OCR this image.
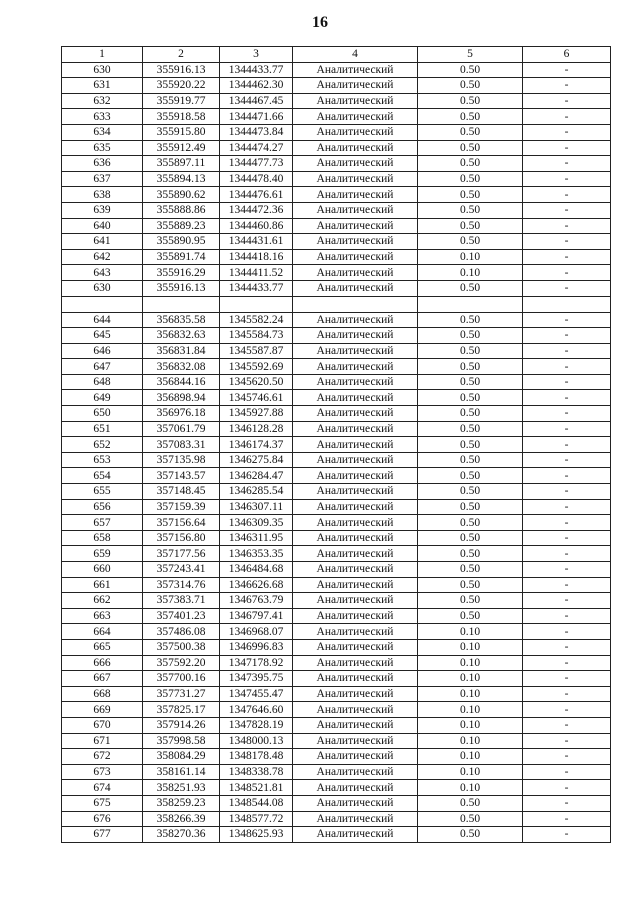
16
1	2	3	4	5	6
630	355916.13	1344433.77	Аналитический	0.50	-
631	355920.22	1344462.30	Аналитический	0.50	-
632	355919.77	1344467.45	Аналитический	0.50	-
633	355918.58	1344471.66	Аналитический	0.50	-
634	355915.80	1344473.84	Аналитический	0.50	-
635	355912.49	1344474.27	Аналитический	0.50	-
636	355897.11	1344477.73	Аналитический	0.50	-
637	355894.13	1344478.40	Аналитический	0.50	-
638	355890.62	1344476.61	Аналитический	0.50	-
639	355888.86	1344472.36	Аналитический	0.50	-
640	355889.23	1344460.86	Аналитический	0.50	-
641	355890.95	1344431.61	Аналитический	0.50	-
642	355891.74	1344418.16	Аналитический	0.10	-
643	355916.29	1344411.52	Аналитический	0.10	-
630	355916.13	1344433.77	Аналитический	0.50	-

644	356835.58	1345582.24	Аналитический	0.50	-
645	356832.63	1345584.73	Аналитический	0.50	-
646	356831.84	1345587.87	Аналитический	0.50	-
647	356832.08	1345592.69	Аналитический	0.50	-
648	356844.16	1345620.50	Аналитический	0.50	-
649	356898.94	1345746.61	Аналитический	0.50	-
650	356976.18	1345927.88	Аналитический	0.50	-
651	357061.79	1346128.28	Аналитический	0.50	-
652	357083.31	1346174.37	Аналитический	0.50	-
653	357135.98	1346275.84	Аналитический	0.50	-
654	357143.57	1346284.47	Аналитический	0.50	-
655	357148.45	1346285.54	Аналитический	0.50	-
656	357159.39	1346307.11	Аналитический	0.50	-
657	357156.64	1346309.35	Аналитический	0.50	-
658	357156.80	1346311.95	Аналитический	0.50	-
659	357177.56	1346353.35	Аналитический	0.50	-
660	357243.41	1346484.68	Аналитический	0.50	-
661	357314.76	1346626.68	Аналитический	0.50	-
662	357383.71	1346763.79	Аналитический	0.50	-
663	357401.23	1346797.41	Аналитический	0.50	-
664	357486.08	1346968.07	Аналитический	0.10	-
665	357500.38	1346996.83	Аналитический	0.10	-
666	357592.20	1347178.92	Аналитический	0.10	-
667	357700.16	1347395.75	Аналитический	0.10	-
668	357731.27	1347455.47	Аналитический	0.10	-
669	357825.17	1347646.60	Аналитический	0.10	-
670	357914.26	1347828.19	Аналитический	0.10	-
671	357998.58	1348000.13	Аналитический	0.10	-
672	358084.29	1348178.48	Аналитический	0.10	-
673	358161.14	1348338.78	Аналитический	0.10	-
674	358251.93	1348521.81	Аналитический	0.10	-
675	358259.23	1348544.08	Аналитический	0.50	-
676	358266.39	1348577.72	Аналитический	0.50	-
677	358270.36	1348625.93	Аналитический	0.50	-
